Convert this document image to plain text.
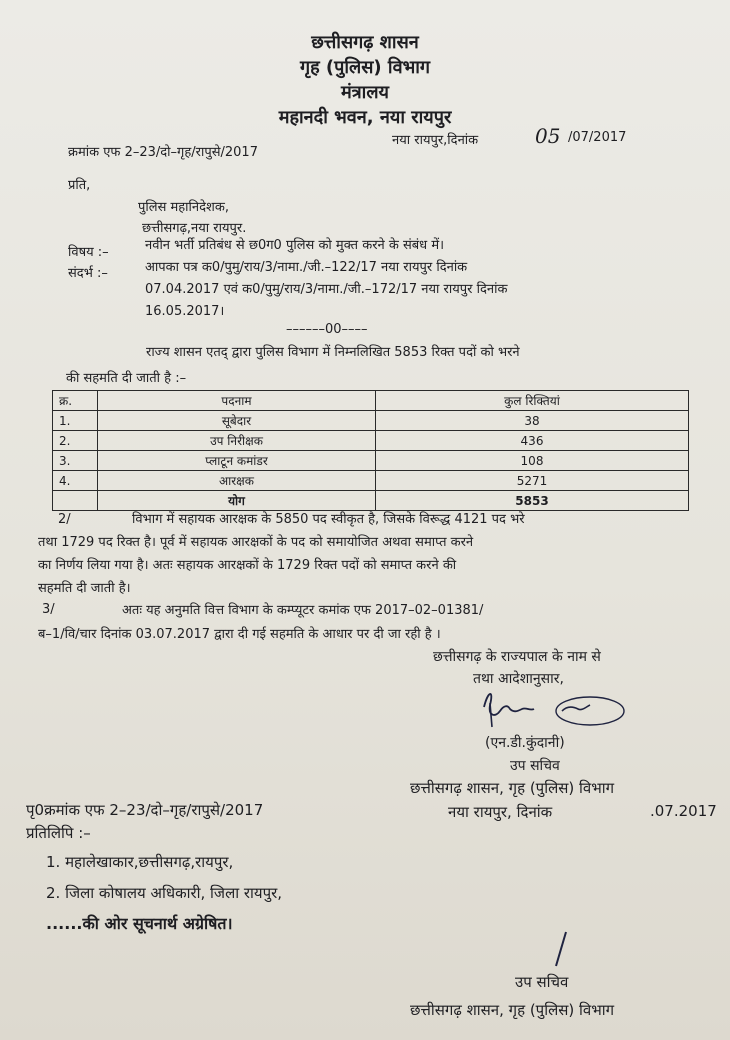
छत्तीसगढ़ शासन
गृह (पुलिस) विभाग
मंत्रालय
महानदी भवन, नया रायपुर
क्रमांक एफ 2–23/दो–गृह/रापुसे/2017
नया रायपुर,दिनांक	05 /07/2017
प्रति,
पुलिस महानिदेशक,
छत्तीसगढ़,नया रायपुर.
विषय :–	नवीन भर्ती प्रतिबंध से छ0ग0 पुलिस को मुक्त करने के संबंध में।
संदर्भ :–	आपका पत्र क0/पुमु/राय/3/नामा./जी.–122/17 नया रायपुर दिनांक
07.04.2017 एवं क0/पुमु/राय/3/नामा./जी.–172/17 नया रायपुर दिनांक
16.05.2017।
––––––00––––
राज्य शासन एतद् द्वारा पुलिस विभाग में निम्नलिखित 5853 रिक्त पदों को भरने
की सहमति दी जाती है :–
क्र.	पदनाम	कुल रिक्तियां
1.	सूबेदार	38
2.	उप निरीक्षक	436
3.	प्लाटून कमांडर	108
4.	आरक्षक	5271
	योग	5853
2/	विभाग में सहायक आरक्षक के 5850 पद स्वीकृत है, जिसके विरूद्ध 4121 पद भरे
तथा 1729 पद रिक्त है। पूर्व में सहायक आरक्षकों के पद को समायोजित अथवा समाप्त करने
का निर्णय लिया गया है। अतः सहायक आरक्षकों के 1729 रिक्त पदों को समाप्त करने की
सहमति दी जाती है।
3/	अतः यह अनुमति वित्त विभाग के कम्प्यूटर कमांक एफ 2017–02–01381/
ब–1/वि/चार दिनांक 03.07.2017 द्वारा दी गई सहमति के आधार पर दी जा रही है ।
छत्तीसगढ़ के राज्यपाल के नाम से
तथा आदेशानुसार,
(एन.डी.कुंदानी)
उप सचिव
छत्तीसगढ़ शासन, गृह (पुलिस) विभाग
नया रायपुर, दिनांक	.07.2017
पृ0क्रमांक एफ 2–23/दो–गृह/रापुसे/2017
प्रतिलिपि :–
1. महालेखाकार,छत्तीसगढ़,रायपुर,
2. जिला कोषालय अधिकारी, जिला रायपुर,
......की ओर सूचनार्थ अग्रेषित।
उप सचिव
छत्तीसगढ़ शासन, गृह (पुलिस) विभाग
